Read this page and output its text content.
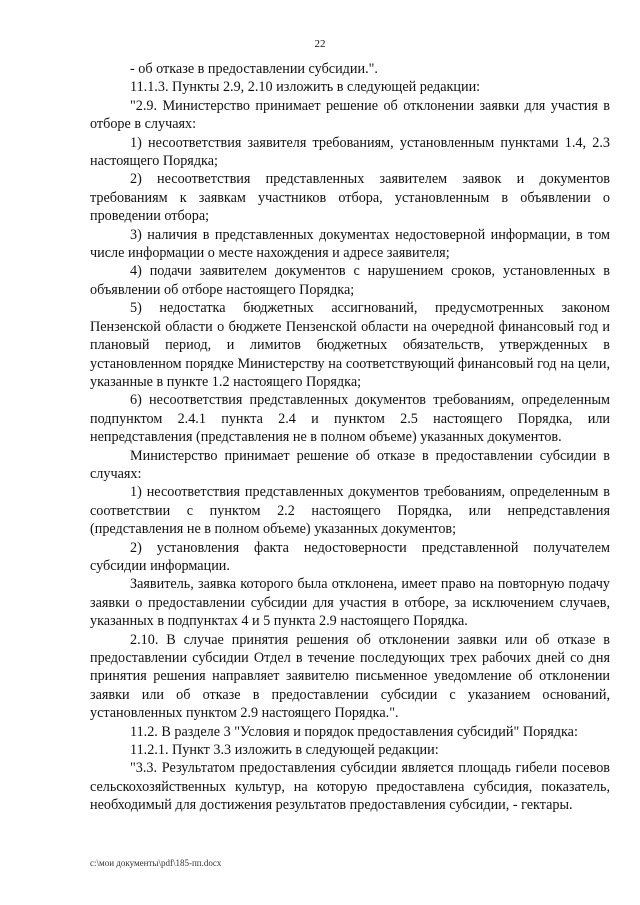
22

- об отказе в предоставлении субсидии.".

11.1.3. Пункты 2.9, 2.10 изложить в следующей редакции:

"2.9. Министерство принимает решение об отклонении заявки для участия в отборе в случаях:

1) несоответствия заявителя требованиям, установленным пунктами 1.4, 2.3 настоящего Порядка;

2) несоответствия представленных заявителем заявок и документов требованиям к заявкам участников отбора, установленным в объявлении о проведении отбора;

3) наличия в представленных документах недостоверной информации, в том числе информации о месте нахождения и адресе заявителя;

4) подачи заявителем документов с нарушением сроков, установленных в объявлении об отборе настоящего Порядка;

5) недостатка бюджетных ассигнований, предусмотренных законом Пензенской области о бюджете Пензенской области на очередной финансовый год и плановый период, и лимитов бюджетных обязательств, утвержденных в установленном порядке Министерству на соответствующий финансовый год на цели, указанные в пункте 1.2 настоящего Порядка;

6) несоответствия представленных документов требованиям, определенным подпунктом 2.4.1 пункта 2.4 и пунктом 2.5 настоящего Порядка, или непредставления (представления не в полном объеме) указанных документов.

Министерство принимает решение об отказе в предоставлении субсидии в случаях:

1) несоответствия представленных документов требованиям, определенным в соответствии с пунктом 2.2 настоящего Порядка, или непредставления (представления не в полном объеме) указанных документов;

2) установления факта недостоверности представленной получателем субсидии информации.

Заявитель, заявка которого была отклонена, имеет право на повторную подачу заявки о предоставлении субсидии для участия в отборе, за исключением случаев, указанных в подпунктах 4 и 5 пункта 2.9 настоящего Порядка.

2.10. В случае принятия решения об отклонении заявки или об отказе в предоставлении субсидии Отдел в течение последующих трех рабочих дней со дня принятия решения направляет заявителю письменное уведомление об отклонении заявки или об отказе в предоставлении субсидии с указанием оснований, установленных пунктом 2.9 настоящего Порядка.".

11.2. В разделе 3 "Условия и порядок предоставления субсидий" Порядка:

11.2.1. Пункт 3.3 изложить в следующей редакции:

"3.3. Результатом предоставления субсидии является площадь гибели посевов сельскохозяйственных культур, на которую предоставлена субсидия, показатель, необходимый для достижения результатов предоставления субсидии, - гектары.

c:\мои документы\pdf\185-пп.docx
